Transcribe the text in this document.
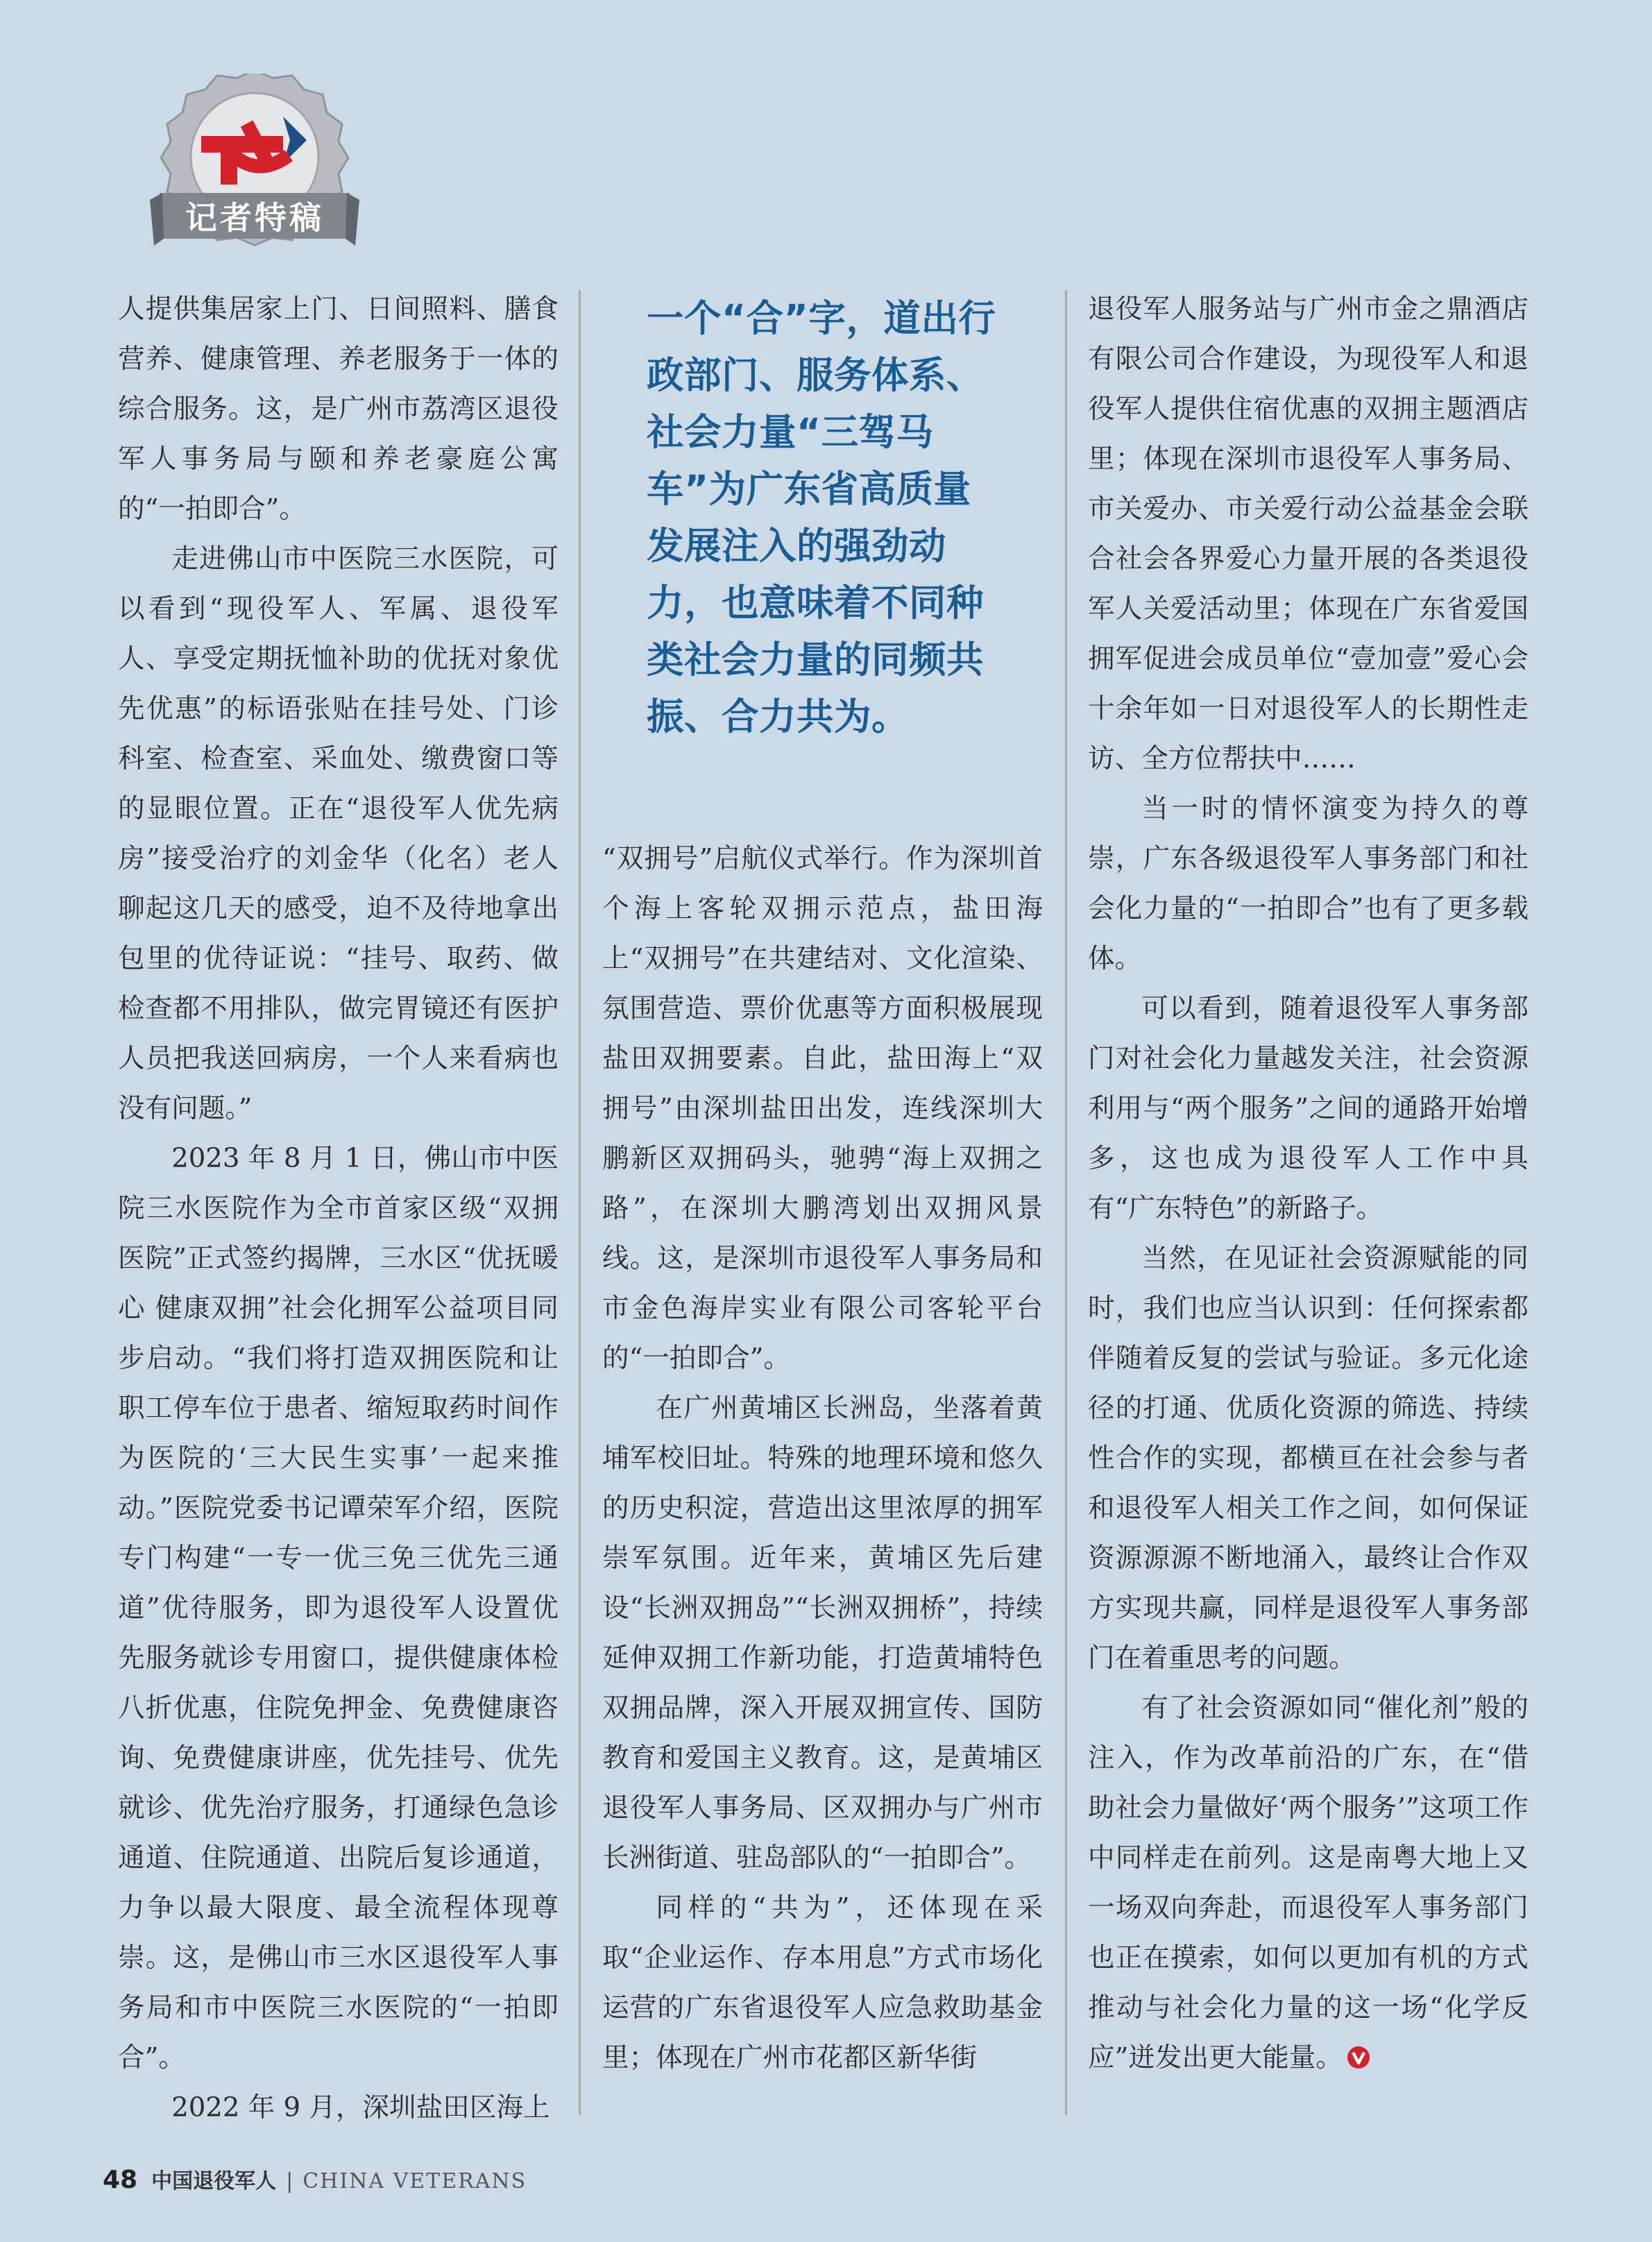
记者特稿
一个“合”字，道出行政部门、服务体系、社会力量“三驾马车”为广东省高质量发展注入的强劲动力，也意味着不同种类社会力量的同频共振、合力共为。

人提供集居家上门、日间照料、膳食营养、健康管理、养老服务于一体的综合服务。这，是广州市荔湾区退役军人事务局与颐和养老豪庭公寓的“一拍即合”。

走进佛山市中医院三水医院，可以看到“现役军人、军属、退役军人、享受定期抚恤补助的优抚对象优先优惠”的标语张贴在挂号处、门诊科室、检查室、采血处、缴费窗口等的显眼位置。正在“退役军人优先病房”接受治疗的刘金华（化名）老人聊起这几天的感受，迫不及待地拿出包里的优待证说：“挂号、取药、做检查都不用排队，做完胃镜还有医护人员把我送回病房，一个人来看病也没有问题。”

2023 年 8 月 1 日，佛山市中医院三水医院作为全市首家区级“双拥医院”正式签约揭牌，三水区“优抚暖心 健康双拥”社会化拥军公益项目同步启动。“我们将打造双拥医院和让职工停车位于患者、缩短取药时间作为医院的‘三大民生实事’一起来推动。”医院党委书记谭荣军介绍，医院专门构建“一专一优三免三优先三通道”优待服务，即为退役军人设置优先服务就诊专用窗口，提供健康体检八折优惠，住院免押金、免费健康咨询、免费健康讲座，优先挂号、优先就诊、优先治疗服务，打通绿色急诊通道、住院通道、出院后复诊通道，力争以最大限度、最全流程体现尊崇。这，是佛山市三水区退役军人事务局和市中医院三水医院的“一拍即合”。

2022 年 9 月，深圳盐田区海上

“双拥号”启航仪式举行。作为深圳首个海上客轮双拥示范点，盐田海上“双拥号”在共建结对、文化渲染、氛围营造、票价优惠等方面积极展现盐田双拥要素。自此，盐田海上“双拥号”由深圳盐田出发，连线深圳大鹏新区双拥码头，驰骋“海上双拥之路”，在深圳大鹏湾划出双拥风景线。这，是深圳市退役军人事务局和市金色海岸实业有限公司客轮平台的“一拍即合”。

在广州黄埔区长洲岛，坐落着黄埔军校旧址。特殊的地理环境和悠久的历史积淀，营造出这里浓厚的拥军崇军氛围。近年来，黄埔区先后建设“长洲双拥岛”“长洲双拥桥”，持续延伸双拥工作新功能，打造黄埔特色双拥品牌，深入开展双拥宣传、国防教育和爱国主义教育。这，是黄埔区退役军人事务局、区双拥办与广州市长洲街道、驻岛部队的“一拍即合”。

同样的“共为”，还体现在采取“企业运作、存本用息”方式市场化运营的广东省退役军人应急救助基金里；体现在广州市花都区新华街

退役军人服务站与广州市金之鼎酒店有限公司合作建设，为现役军人和退役军人提供住宿优惠的双拥主题酒店里；体现在深圳市退役军人事务局、市关爱办、市关爱行动公益基金会联合社会各界爱心力量开展的各类退役军人关爱活动里；体现在广东省爱国拥军促进会成员单位“壹加壹”爱心会十余年如一日对退役军人的长期性走访、全方位帮扶中……

当一时的情怀演变为持久的尊崇，广东各级退役军人事务部门和社会化力量的“一拍即合”也有了更多载体。

可以看到，随着退役军人事务部门对社会化力量越发关注，社会资源利用与“两个服务”之间的通路开始增多，这也成为退役军人工作中具有“广东特色”的新路子。

当然，在见证社会资源赋能的同时，我们也应当认识到：任何探索都伴随着反复的尝试与验证。多元化途径的打通、优质化资源的筛选、持续性合作的实现，都横亘在社会参与者和退役军人相关工作之间，如何保证资源源源不断地涌入，最终让合作双方实现共赢，同样是退役军人事务部门在着重思考的问题。

有了社会资源如同“催化剂”般的注入，作为改革前沿的广东，在“借助社会力量做好‘两个服务’”这项工作中同样走在前列。这是南粤大地上又一场双向奔赴，而退役军人事务部门也正在摸索，如何以更加有机的方式推动与社会化力量的这一场“化学反应”迸发出更大能量。

48 中国退役军人 | CHINA VETERANS
